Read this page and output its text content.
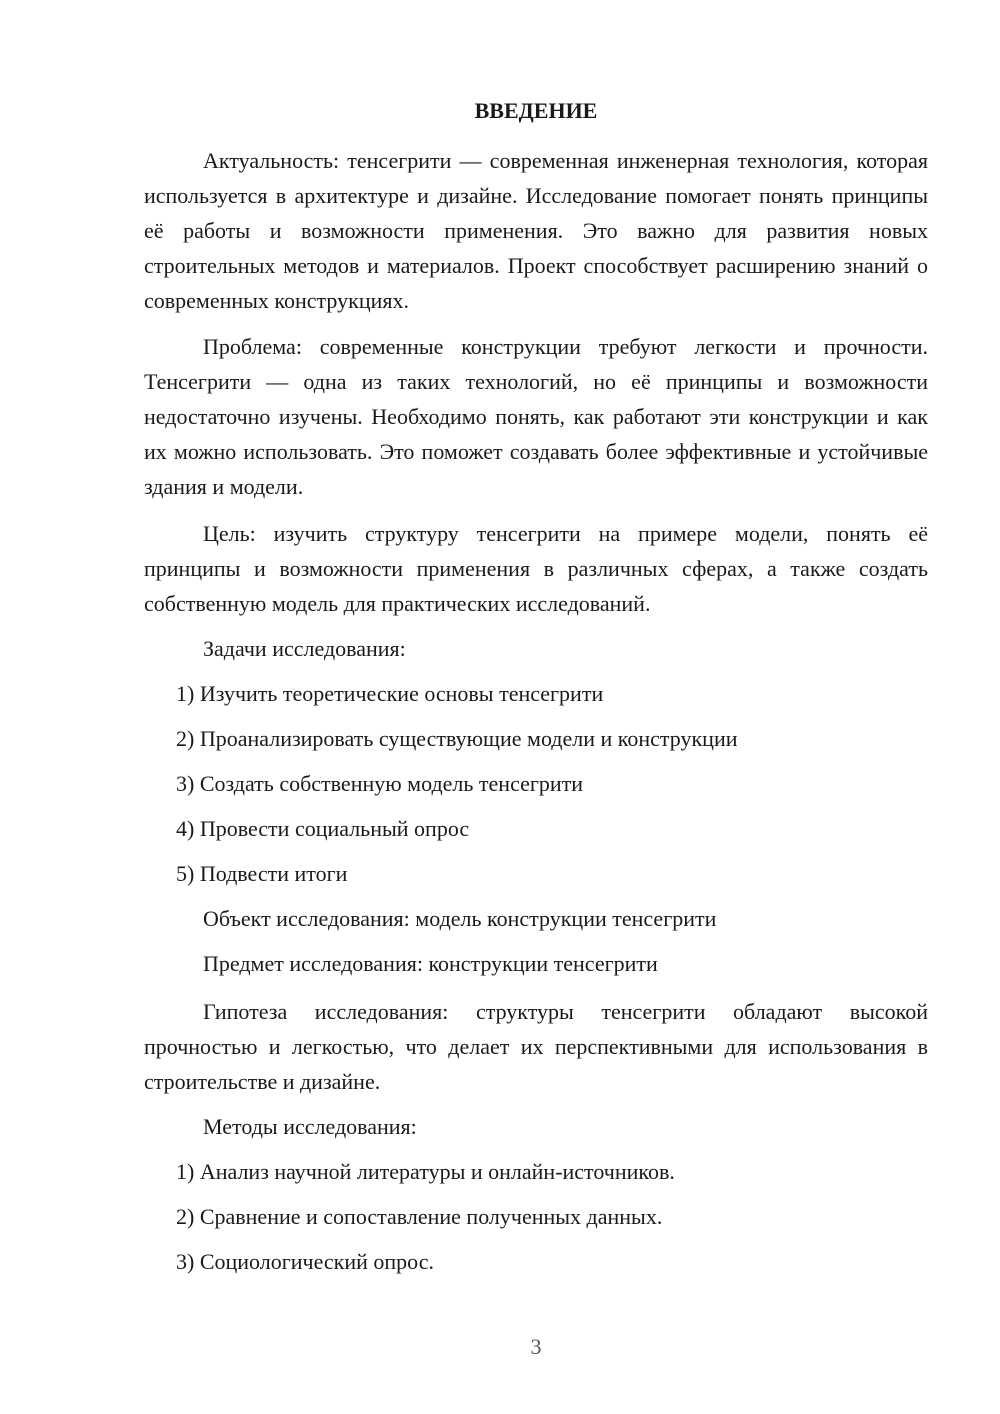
ВВЕДЕНИЕ

Актуальность: тенсегрити — современная инженерная технология, которая используется в архитектуре и дизайне. Исследование помогает понять принципы её работы и возможности применения. Это важно для развития новых строительных методов и материалов. Проект способствует расширению знаний о современных конструкциях.

Проблема: современные конструкции требуют легкости и прочности. Тенсегрити — одна из таких технологий, но её принципы и возможности недостаточно изучены. Необходимо понять, как работают эти конструкции и как их можно использовать. Это поможет создавать более эффективные и устойчивые здания и модели.

Цель: изучить структуру тенсегрити на примере модели, понять её принципы и возможности применения в различных сферах, а также создать собственную модель для практических исследований.

Задачи исследования:

1) Изучить теоретические основы тенсегрити

2) Проанализировать существующие модели и конструкции

3) Создать собственную модель тенсегрити

4) Провести социальный опрос

5) Подвести итоги

Объект исследования: модель конструкции тенсегрити

Предмет исследования: конструкции тенсегрити

Гипотеза исследования: структуры тенсегрити обладают высокой прочностью и легкостью, что делает их перспективными для использования в строительстве и дизайне.

Методы исследования:

1) Анализ научной литературы и онлайн-источников.

2) Сравнение и сопоставление полученных данных.

3) Социологический опрос.

3
